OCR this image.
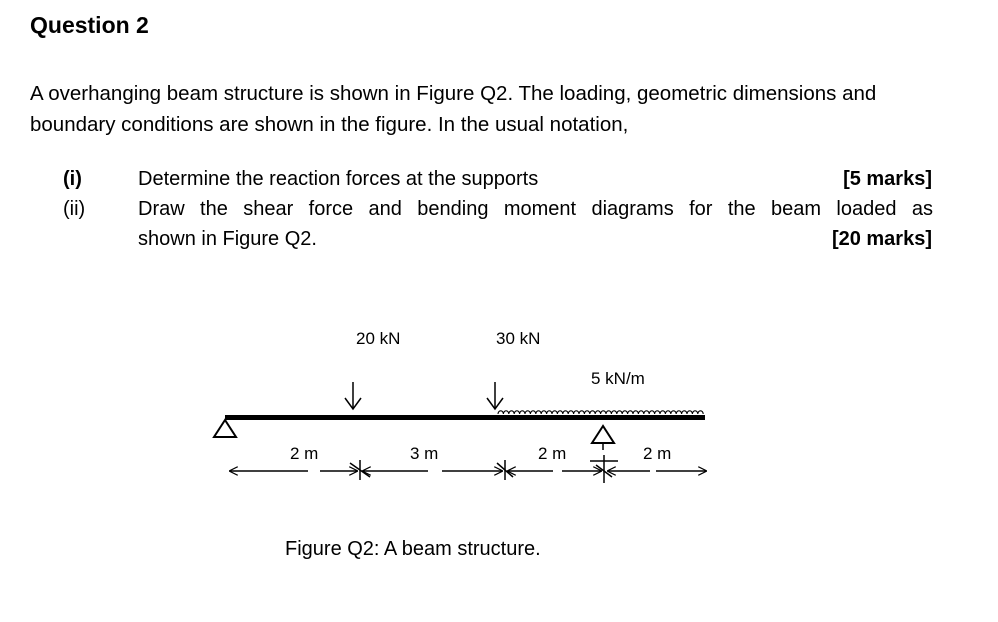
Question 2
A overhanging beam structure is shown in Figure Q2. The loading, geometric dimensions and boundary conditions are shown in the figure. In the usual notation,
(i)	Determine the reaction forces at the supports	[5 marks]
(ii)	Draw the shear force and bending moment diagrams for the beam loaded as
shown in Figure Q2.	[20 marks]
20 kN	30 kN
5 kN/m
2 m	3 m	2 m	2 m
Figure Q2: A beam structure.
